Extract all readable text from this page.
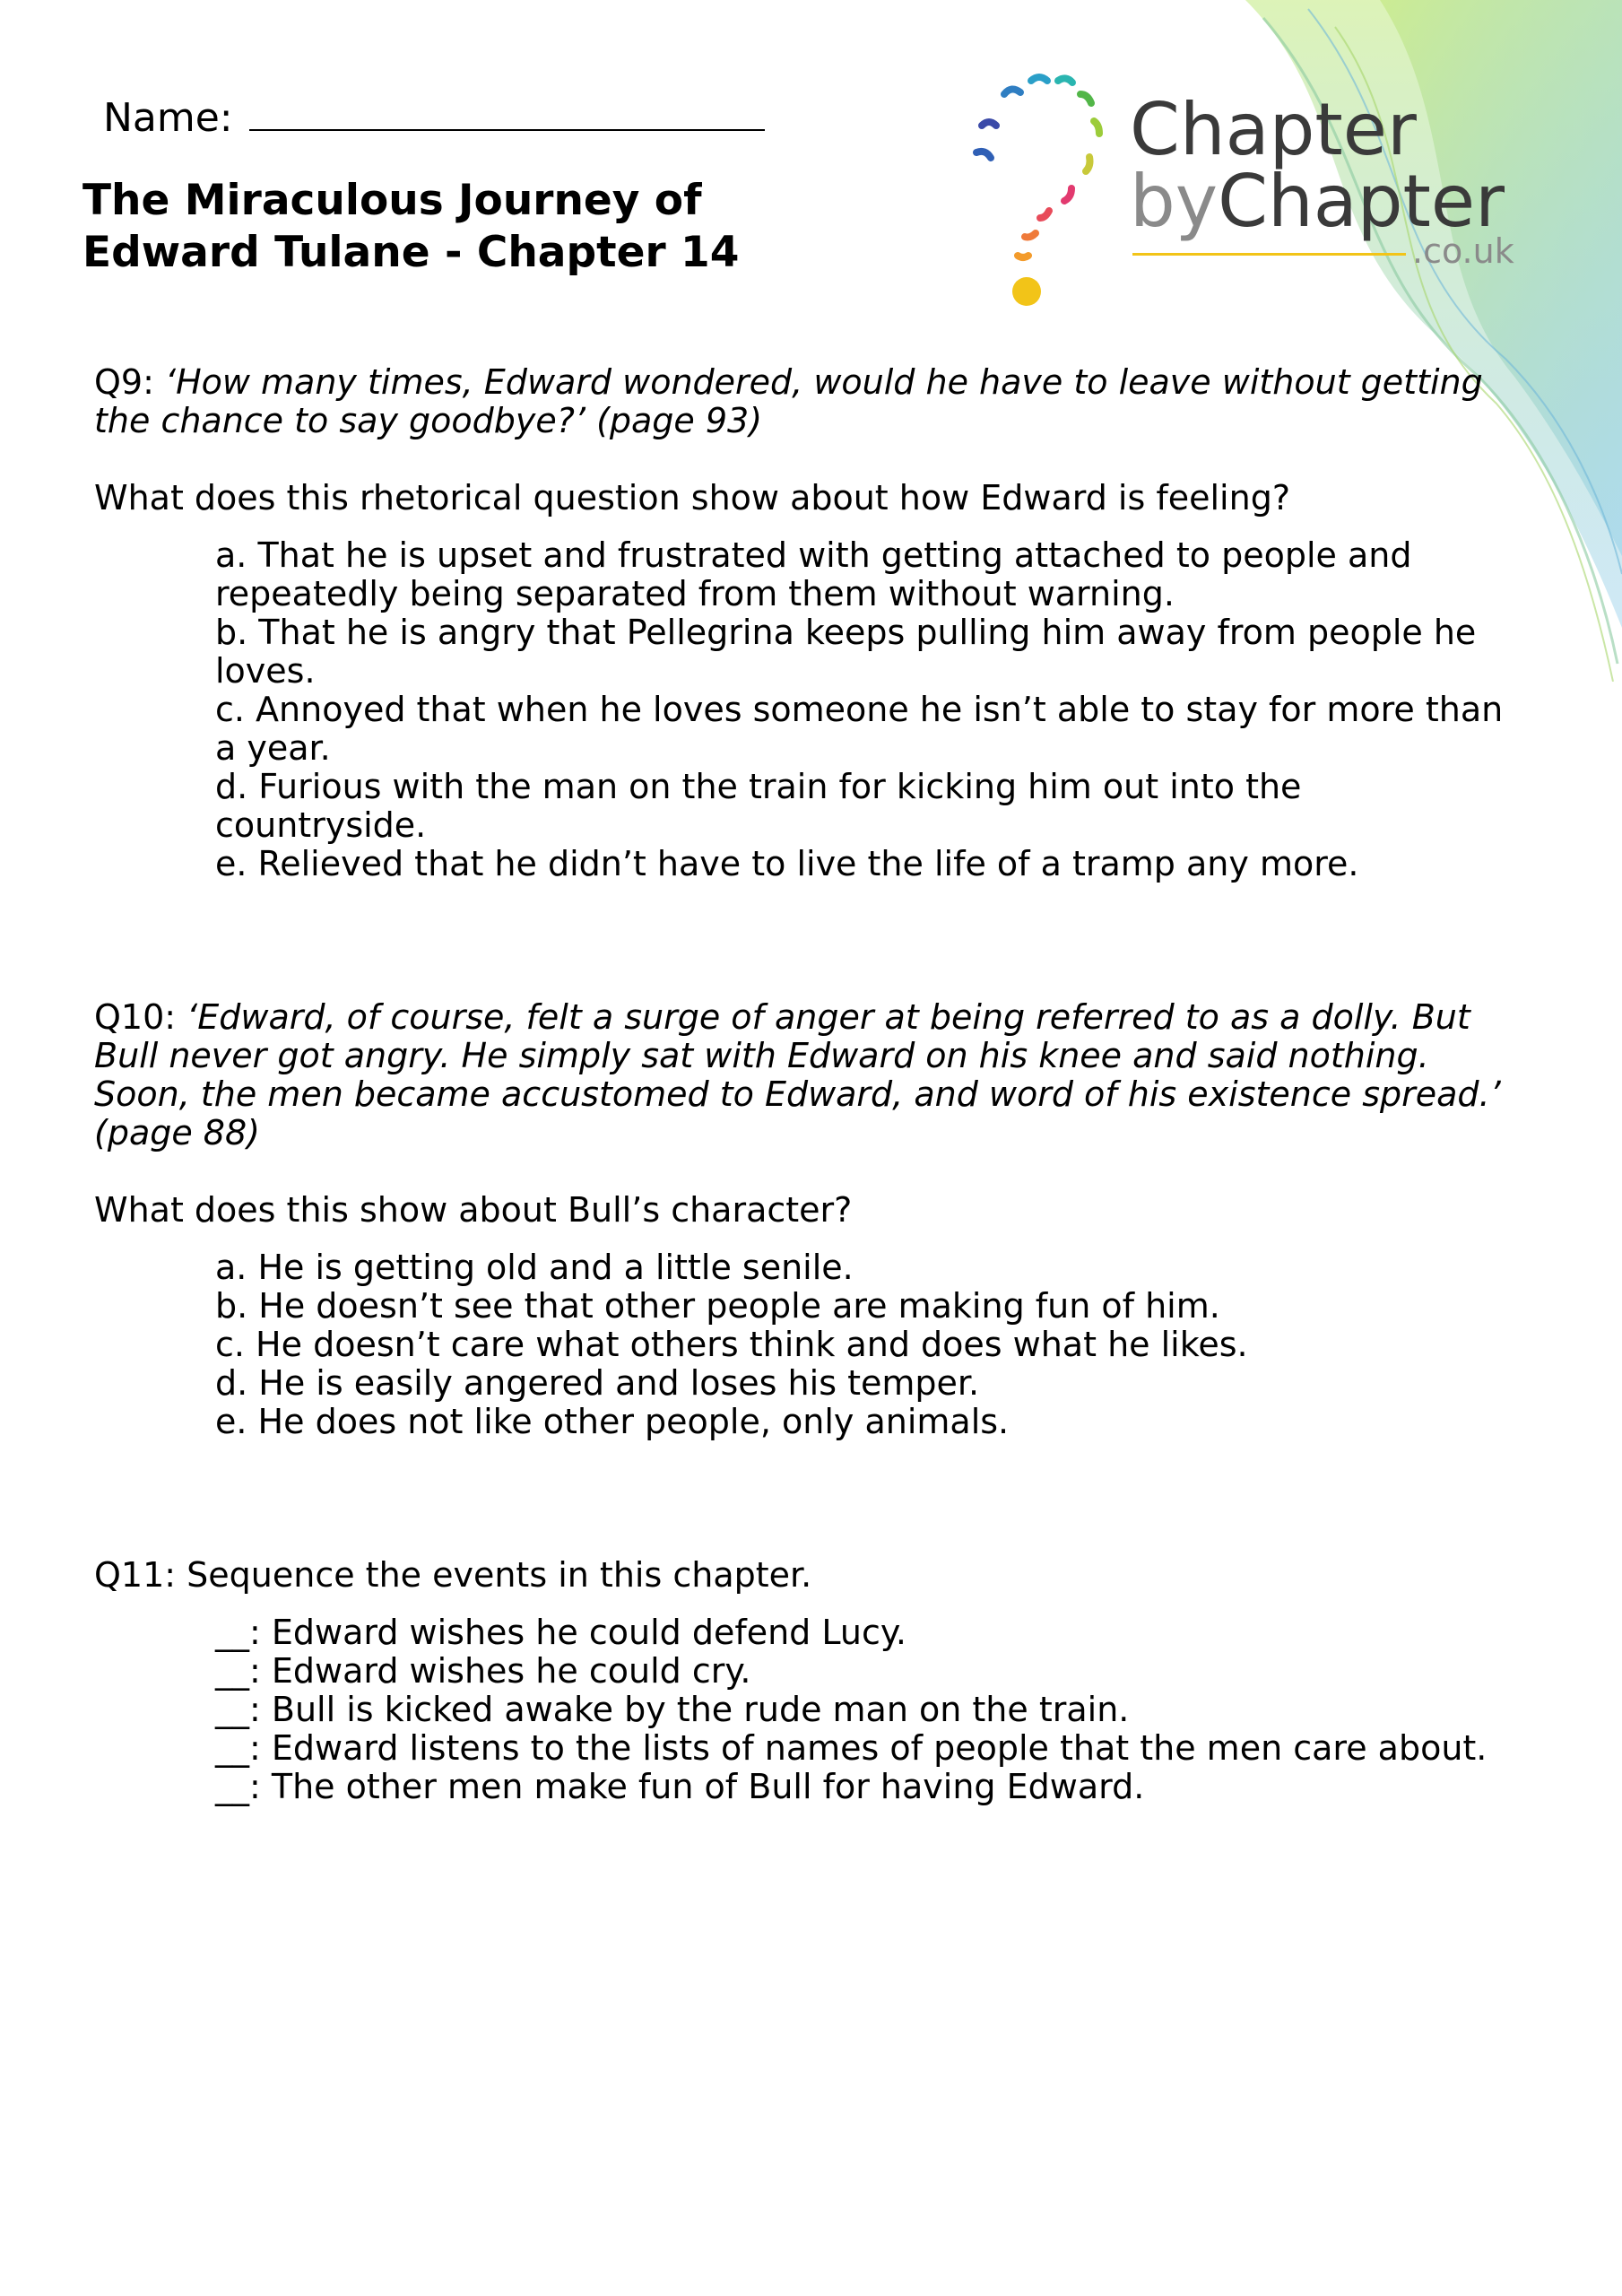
Name:
The Miraculous Journey of
Edward Tulane - Chapter 14
Chapter
byChapter
.co.uk
Q9: ‘How many times, Edward wondered, would he have to leave without getting the chance to say goodbye?’ (page 93)
What does this rhetorical question show about how Edward is feeling?
a. That he is upset and frustrated with getting attached to people and repeatedly being separated from them without warning.
b. That he is angry that Pellegrina keeps pulling him away from people he loves.
c. Annoyed that when he loves someone he isn’t able to stay for more than a year.
d. Furious with the man on the train for kicking him out into the countryside.
e. Relieved that he didn’t have to live the life of a tramp any more.
Q10: ‘Edward, of course, felt a surge of anger at being referred to as a dolly. But Bull never got angry. He simply sat with Edward on his knee and said nothing. Soon, the men became accustomed to Edward, and word of his existence spread.’ (page 88)
What does this show about Bull’s character?
a. He is getting old and a little senile.
b. He doesn’t see that other people are making fun of him.
c. He doesn’t care what others think and does what he likes.
d. He is easily angered and loses his temper.
e. He does not like other people, only animals.
Q11: Sequence the events in this chapter.
__: Edward wishes he could defend Lucy.
__: Edward wishes he could cry.
__: Bull is kicked awake by the rude man on the train.
__: Edward listens to the lists of names of people that the men care about.
__: The other men make fun of Bull for having Edward.
